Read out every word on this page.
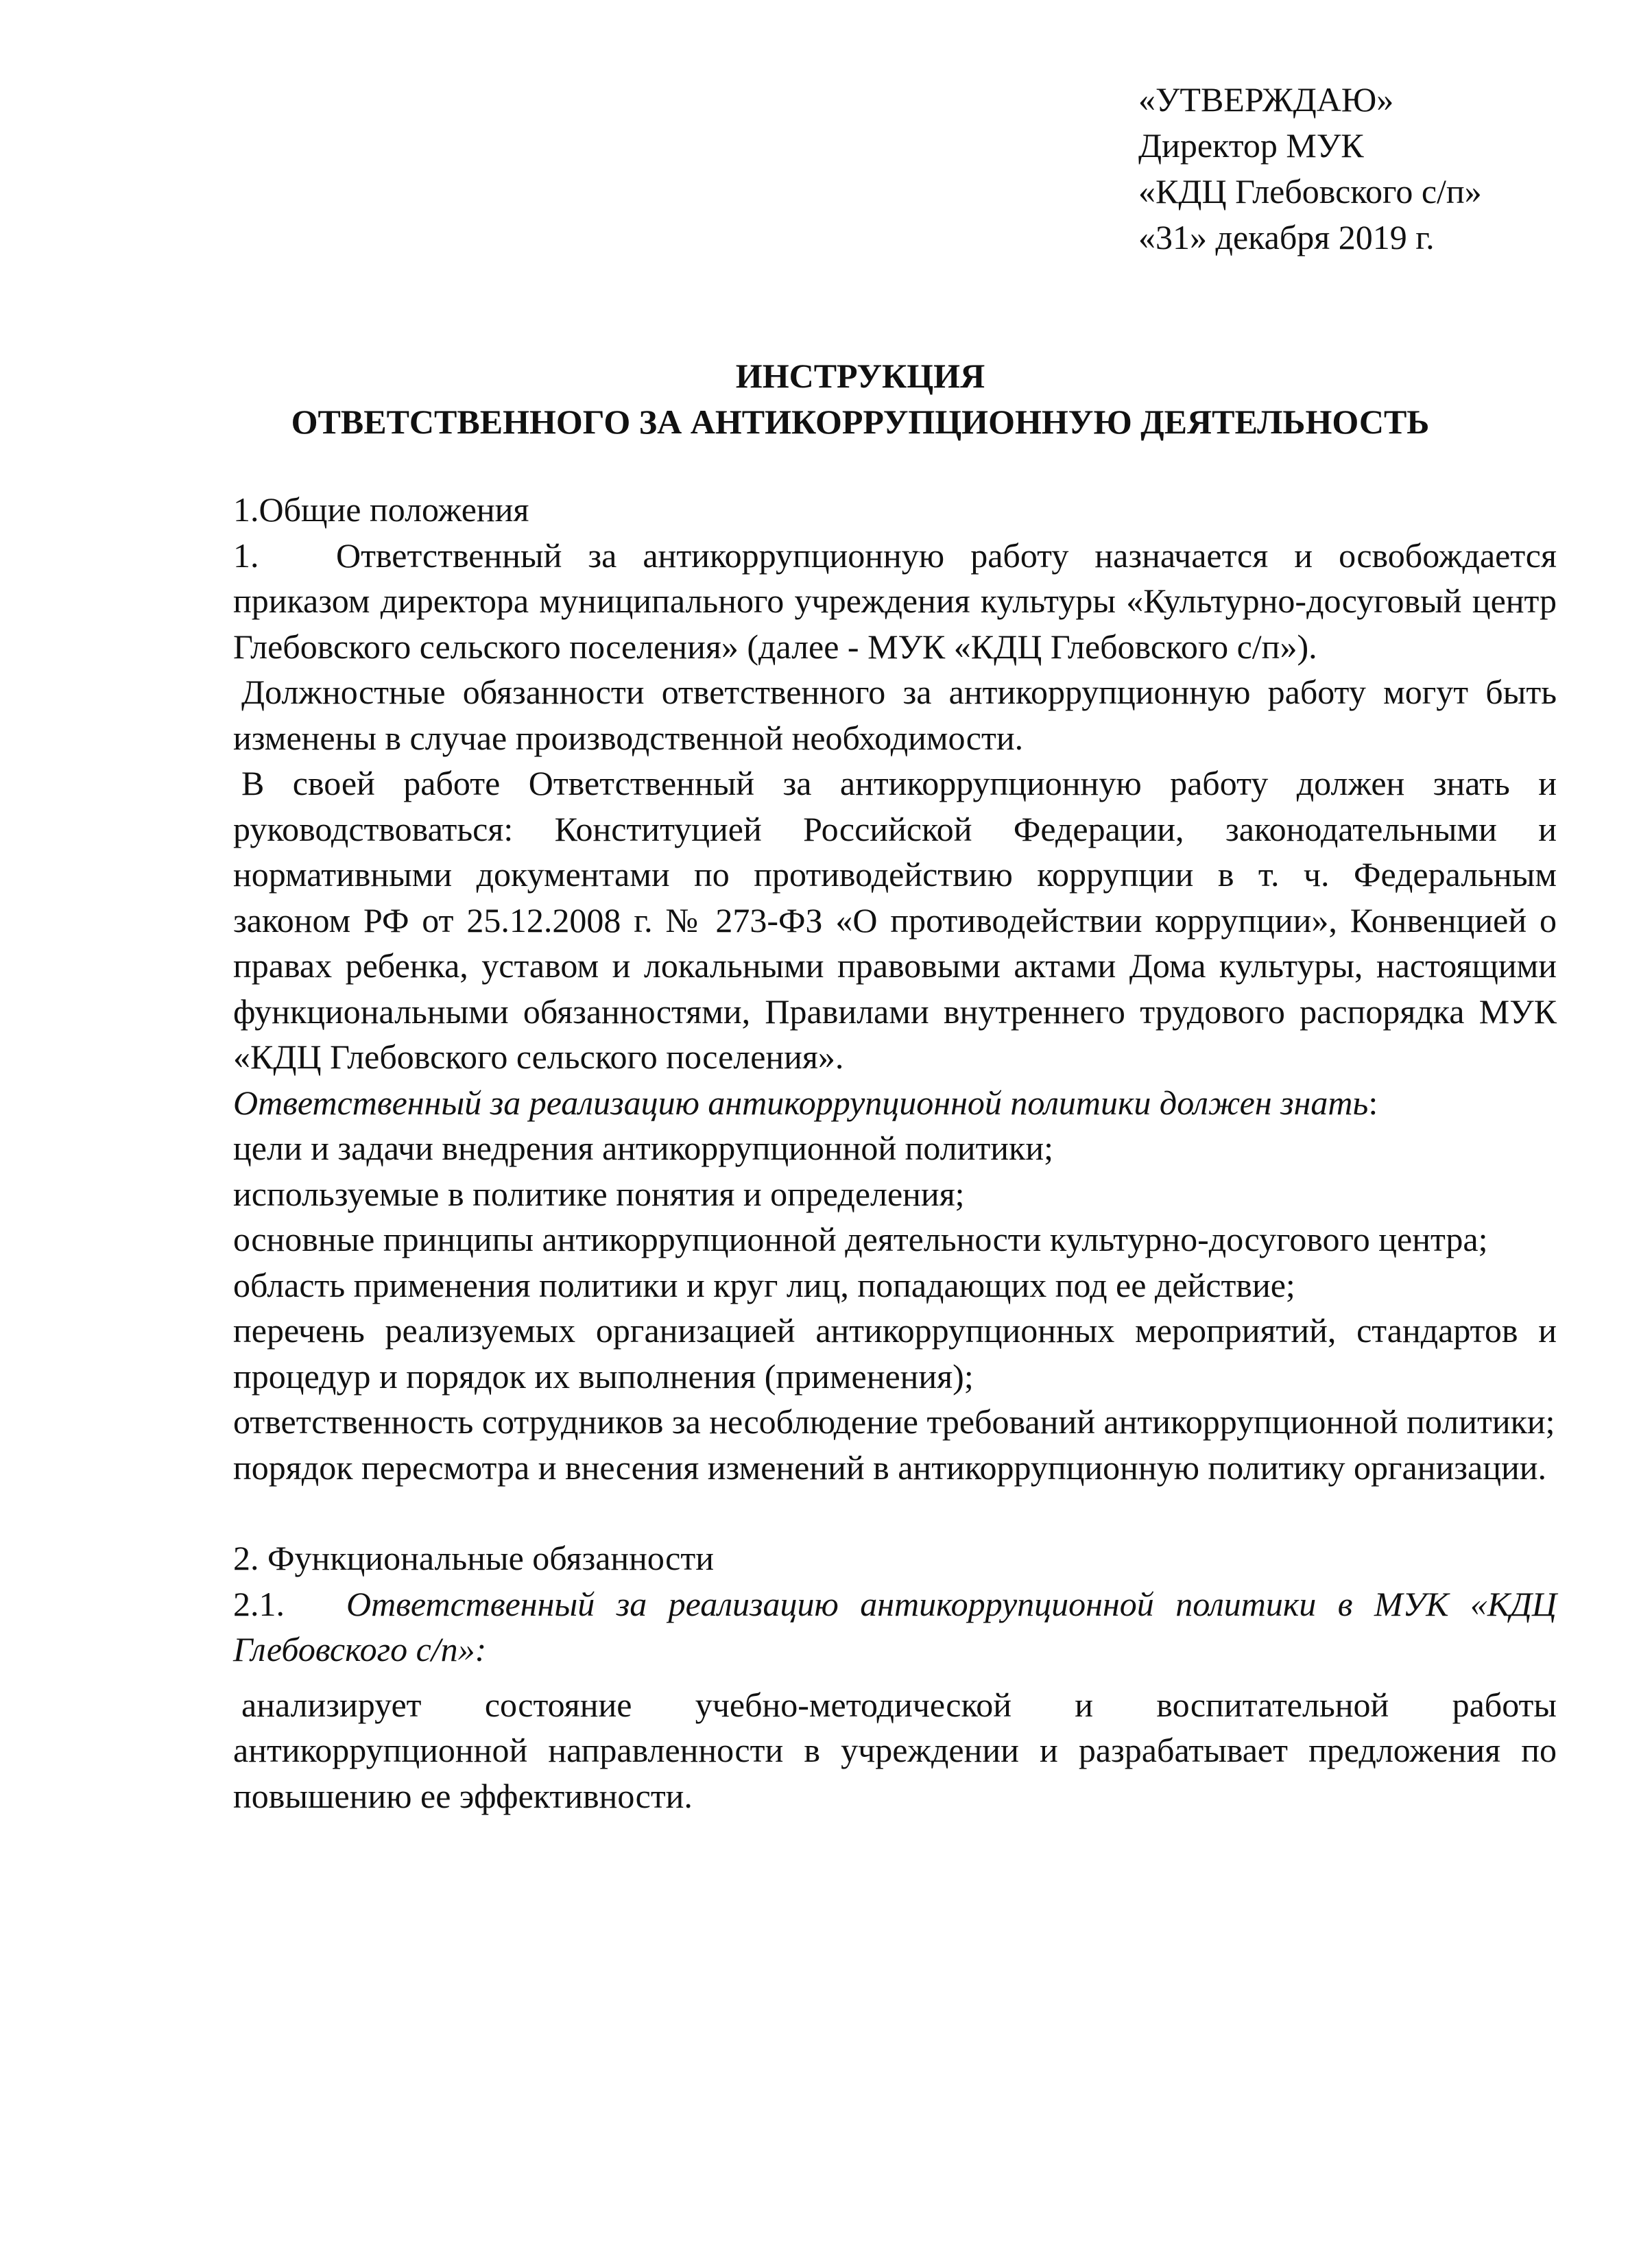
«УТВЕРЖДАЮ»
Директор МУК
«КДЦ Глебовского с/п»
«31» декабря 2019 г.
ИНСТРУКЦИЯ
ОТВЕТСТВЕННОГО ЗА АНТИКОРРУПЦИОННУЮ ДЕЯТЕЛЬНОСТЬ

1.Общие положения

1. Ответственный за антикоррупционную работу назначается и освобождается приказом директора муниципального учреждения культуры «Культурно-досуговый центр Глебовского сельского поселения» (далее - МУК «КДЦ Глебовского с/п»).

Должностные обязанности ответственного за антикоррупционную работу могут быть изменены в случае производственной необходимости.

В своей работе Ответственный за антикоррупционную работу должен знать и руководствоваться: Конституцией Российской Федерации, законодательными и нормативными документами по противодействию коррупции в т. ч. Федеральным законом РФ от 25.12.2008 г. № 273-ФЗ «О противодействии коррупции», Конвенцией о правах ребенка, уставом и локальными правовыми актами Дома культуры, настоящими функциональными обязанностями, Правилами внутреннего трудового распорядка МУК «КДЦ Глебовского сельского поселения».

Ответственный за реализацию антикоррупционной политики должен знать:

цели и задачи внедрения антикоррупционной политики;

используемые в политике понятия и определения;

основные принципы антикоррупционной деятельности культурно-досугового центра;

область применения политики и круг лиц, попадающих под ее действие;

перечень реализуемых организацией антикоррупционных мероприятий, стандартов и процедур и порядок их выполнения (применения);

ответственность сотрудников за несоблюдение требований антикоррупционной политики;

порядок пересмотра и внесения изменений в антикоррупционную политику организации.

2. Функциональные обязанности

2.1. Ответственный за реализацию антикоррупционной политики в МУК «КДЦ Глебовского с/п»:

анализирует состояние учебно-методической и воспитательной работы антикоррупционной направленности в учреждении и разрабатывает предложения по повышению ее эффективности.
